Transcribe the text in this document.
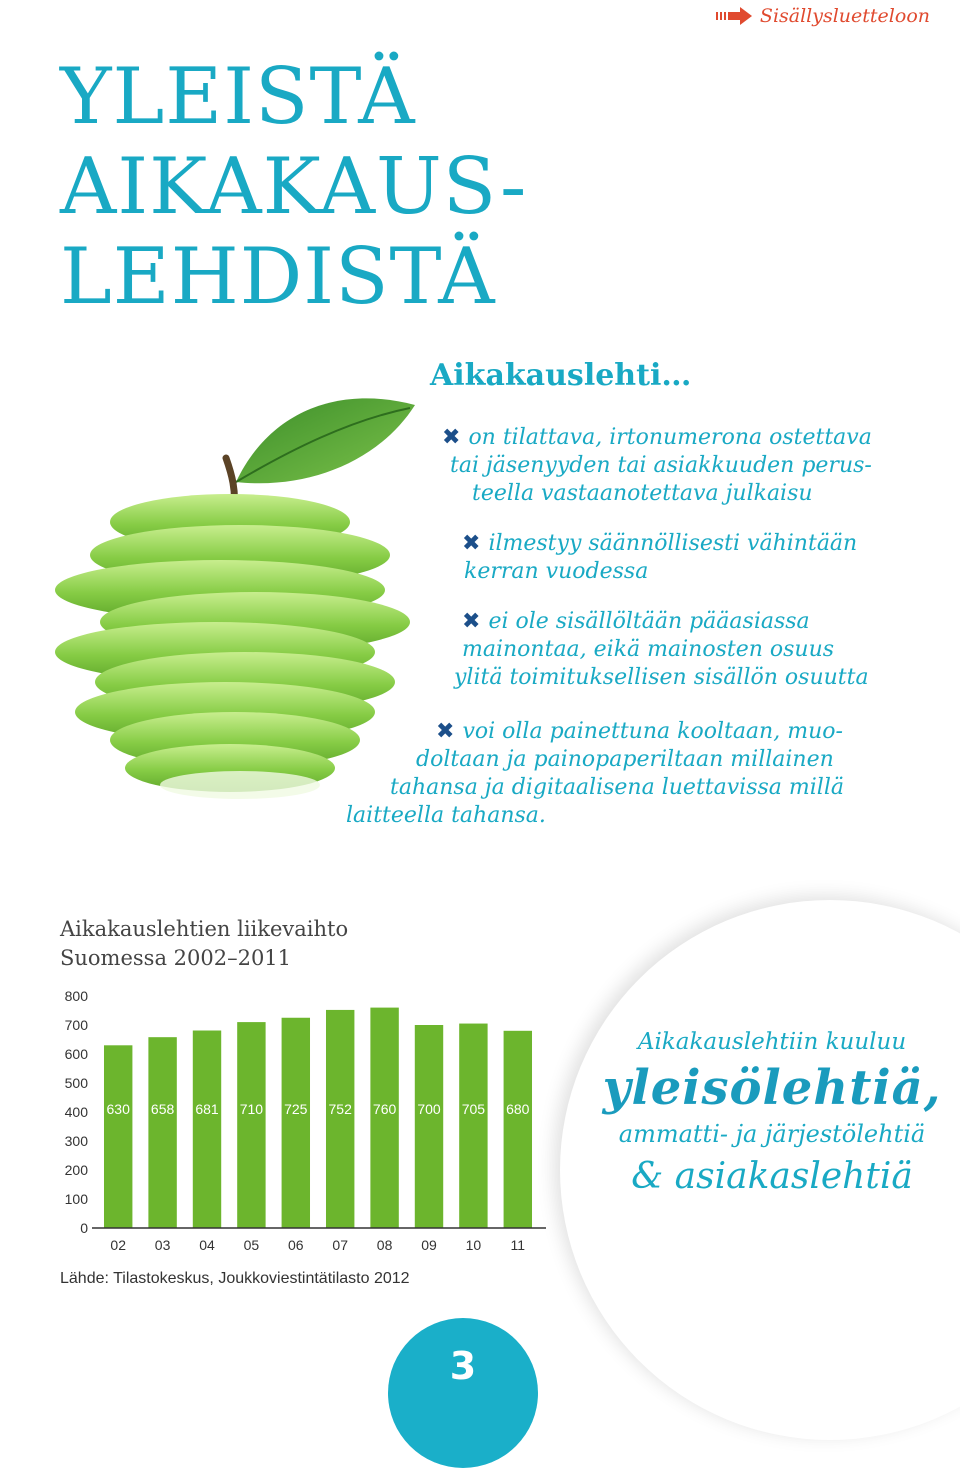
Sisällysluetteloon
YLEISTÄ
AIKAKAUS-
LEHDISTÄ
Aikakauslehti…
✖ on tilattava, irtonumerona ostettava
tai jäsenyyden tai asiakkuuden perus-
teella vastaanotettava julkaisu
✖ ilmestyy säännöllisesti vähintään
kerran vuodessa
✖ ei ole sisällöltään pääasiassa
mainontaa, eikä mainosten osuus
ylitä toimituksellisen sisällön osuutta
✖ voi olla painettuna kooltaan, muo-
doltaan ja painopaperiltaan millainen
tahansa ja digitaalisena luettavissa millä
laitteella tahansa.
Aikakauslehtien liikevaihto
Suomessa 2002–2011
0
100
200
300
400
500
600
700
800
630
02
658
03
681
04
710
05
725
06
752
07
760
08
700
09
705
10
680
11
Lähde: Tilastokeskus, Joukkoviestintätilasto 2012
Aikakauslehtiin kuuluu
yleisölehtiä,
ammatti- ja järjestölehtiä
& asiakaslehtiä
3
